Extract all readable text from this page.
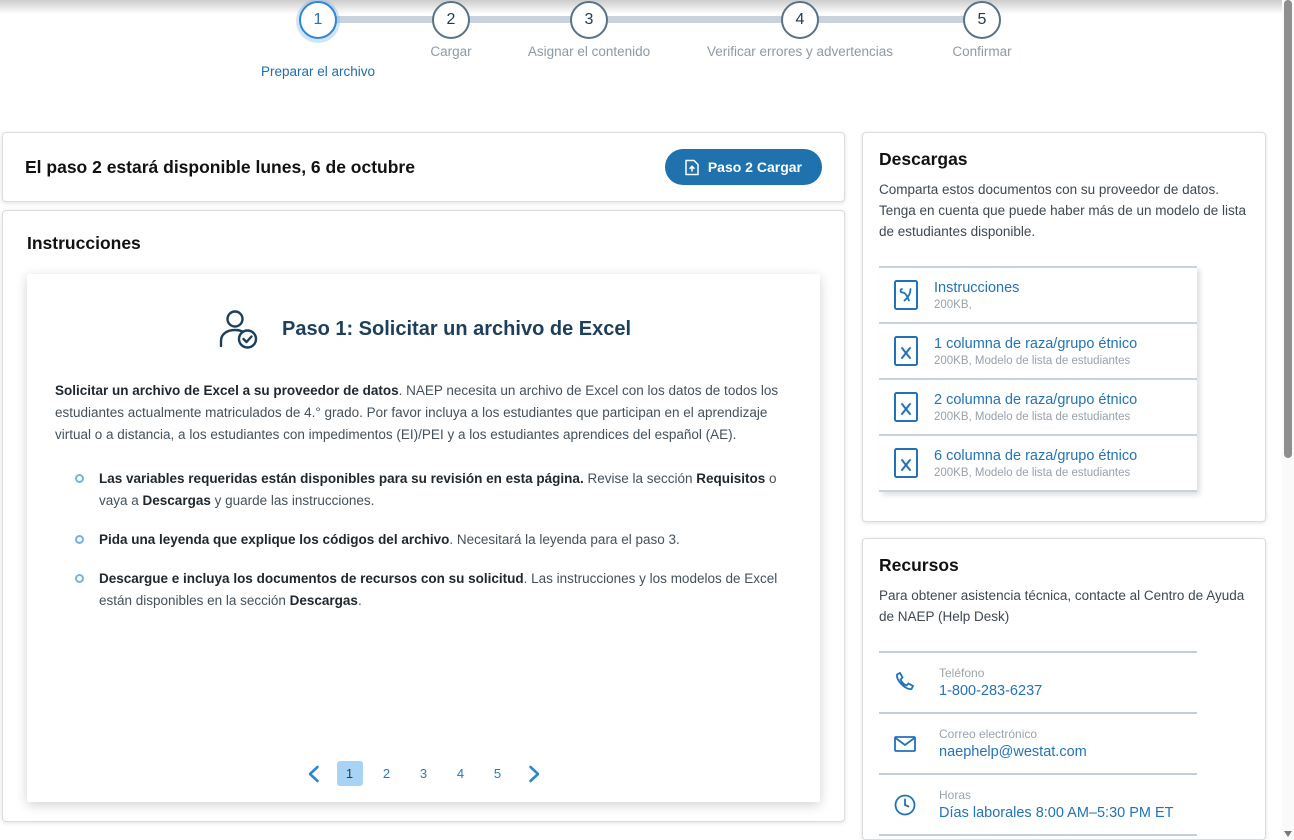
1	2	3	4	5
Preparar el archivo
Cargar	Asignar el contenido	Verificar errores y advertencias	Confirmar
El paso 2 estará disponible lunes, 6 de octubre	Paso 2 Cargar
Instrucciones
Paso 1: Solicitar un archivo de Excel

Solicitar un archivo de Excel a su proveedor de datos. NAEP necesita un archivo de Excel con los datos de todos los estudiantes actualmente matriculados de 4.° grado. Por favor incluya a los estudiantes que participan en el aprendizaje virtual o a distancia, a los estudiantes con impedimentos (EI)/PEI y a los estudiantes aprendices del español (AE).

Las variables requeridas están disponibles para su revisión en esta página. Revise la sección Requisitos o vaya a Descargas y guarde las instrucciones.
Pida una leyenda que explique los códigos del archivo. Necesitará la leyenda para el paso 3.
Descargue e incluya los documentos de recursos con su solicitud. Las instrucciones y los modelos de Excel están disponibles en la sección Descargas.
1	2	3	4	5
Descargas

Comparta estos documentos con su proveedor de datos. Tenga en cuenta que puede haber más de un modelo de lista de estudiantes disponible.

Instrucciones
200KB,
1 columna de raza/grupo étnico
200KB, Modelo de lista de estudiantes
2 columna de raza/grupo étnico
200KB, Modelo de lista de estudiantes
6 columna de raza/grupo étnico
200KB, Modelo de lista de estudiantes
Recursos

Para obtener asistencia técnica, contacte al Centro de Ayuda de NAEP (Help Desk)

Teléfono
1-800-283-6237
Correo electrónico
naephelp@westat.com
Horas
Días laborales 8:00 AM–5:30 PM ET
